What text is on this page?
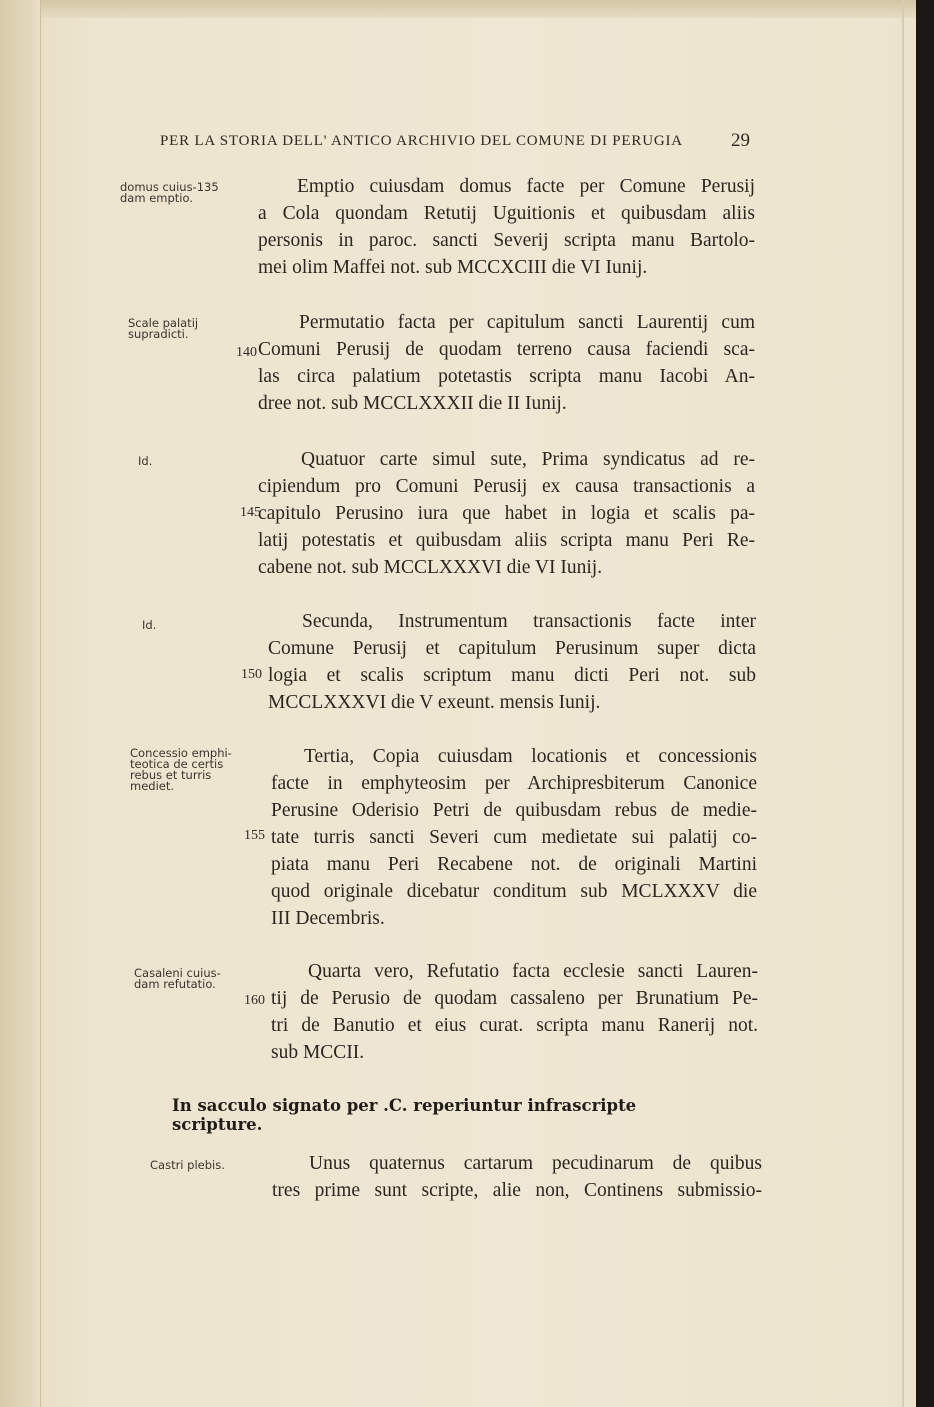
PER LA STORIA DELL' ANTICO ARCHIVIO DEL COMUNE DI PERUGIA	29
domus cuius-135
dam emptio.
Emptio cuiusdam domus facte per Comune Perusij
a Cola quondam Retutij Uguitionis et quibusdam aliis
personis in paroc. sancti Severij scripta manu Bartolo-
mei olim Maffei not. sub MCCXCIII die VI Iunij.
Scale palatij
supradicti.
140
Permutatio facta per capitulum sancti Laurentij cum
Comuni Perusij de quodam terreno causa faciendi sca-
las circa palatium potetastis scripta manu Iacobi An-
dree not. sub MCCLXXXII die II Iunij.
Id.
145
Quatuor carte simul sute, Prima syndicatus ad re-
cipiendum pro Comuni Perusij ex causa transactionis a
capitulo Perusino iura que habet in logia et scalis pa-
latij potestatis et quibusdam aliis scripta manu Peri Re-
cabene not. sub MCCLXXXVI die VI Iunij.
Id.
150
Secunda, Instrumentum transactionis facte inter
Comune Perusij et capitulum Perusinum super dicta
logia et scalis scriptum manu dicti Peri not. sub
MCCLXXXVI die V exeunt. mensis Iunij.
Concessio emphi-
teotica de certis
rebus et turris
mediet.
155
Tertia, Copia cuiusdam locationis et concessionis
facte in emphyteosim per Archipresbiterum Canonice
Perusine Oderisio Petri de quibusdam rebus de medie-
tate turris sancti Severi cum medietate sui palatij co-
piata manu Peri Recabene not. de originali Martini
quod originale dicebatur conditum sub MCLXXXV die
III Decembris.
Casaleni cuius-
dam refutatio.
160
Quarta vero, Refutatio facta ecclesie sancti Lauren-
tij de Perusio de quodam cassaleno per Brunatium Pe-
tri de Banutio et eius curat. scripta manu Ranerij not.
sub MCCII.
In sacculo signato per .C. reperiuntur infrascripte scripture.
Castri plebis.	Unus quaternus cartarum pecudinarum de quibus
tres prime sunt scripte, alie non, Continens submissio-
